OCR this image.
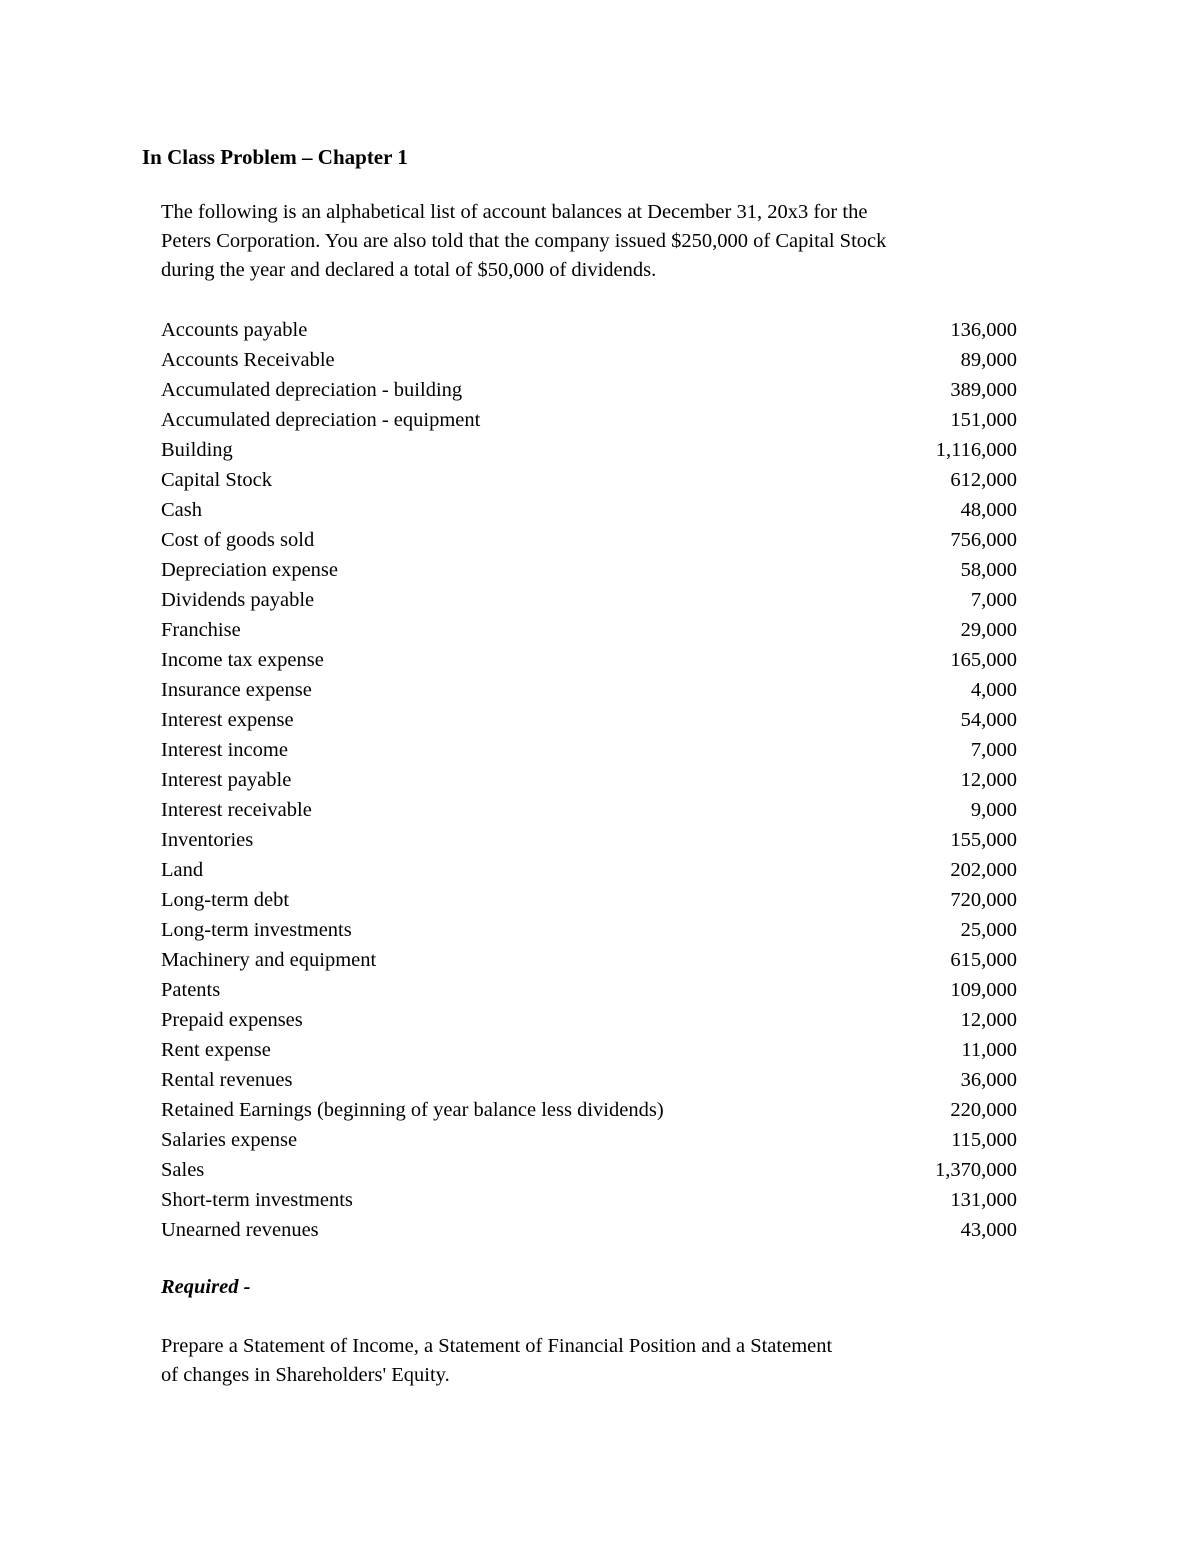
In Class Problem – Chapter 1

The following is an alphabetical list of account balances at December 31, 20x3 for the

Peters Corporation. You are also told that the company issued $250,000 of Capital Stock

during the year and declared a total of $50,000 of dividends.

Accounts payable	136,000
Accounts Receivable	89,000
Accumulated depreciation - building	389,000
Accumulated depreciation - equipment	151,000
Building	1,116,000
Capital Stock	612,000
Cash	48,000
Cost of goods sold	756,000
Depreciation expense	58,000
Dividends payable	7,000
Franchise	29,000
Income tax expense	165,000
Insurance expense	4,000
Interest expense	54,000
Interest income	7,000
Interest payable	12,000
Interest receivable	9,000
Inventories	155,000
Land	202,000
Long-term debt	720,000
Long-term investments	25,000
Machinery and equipment	615,000
Patents	109,000
Prepaid expenses	12,000
Rent expense	11,000
Rental revenues	36,000
Retained Earnings (beginning of year balance less dividends)	220,000
Salaries expense	115,000
Sales	1,370,000
Short-term investments	131,000
Unearned revenues	43,000
Required -

Prepare a Statement of Income, a Statement of Financial Position and a Statement

of changes in Shareholders' Equity.
